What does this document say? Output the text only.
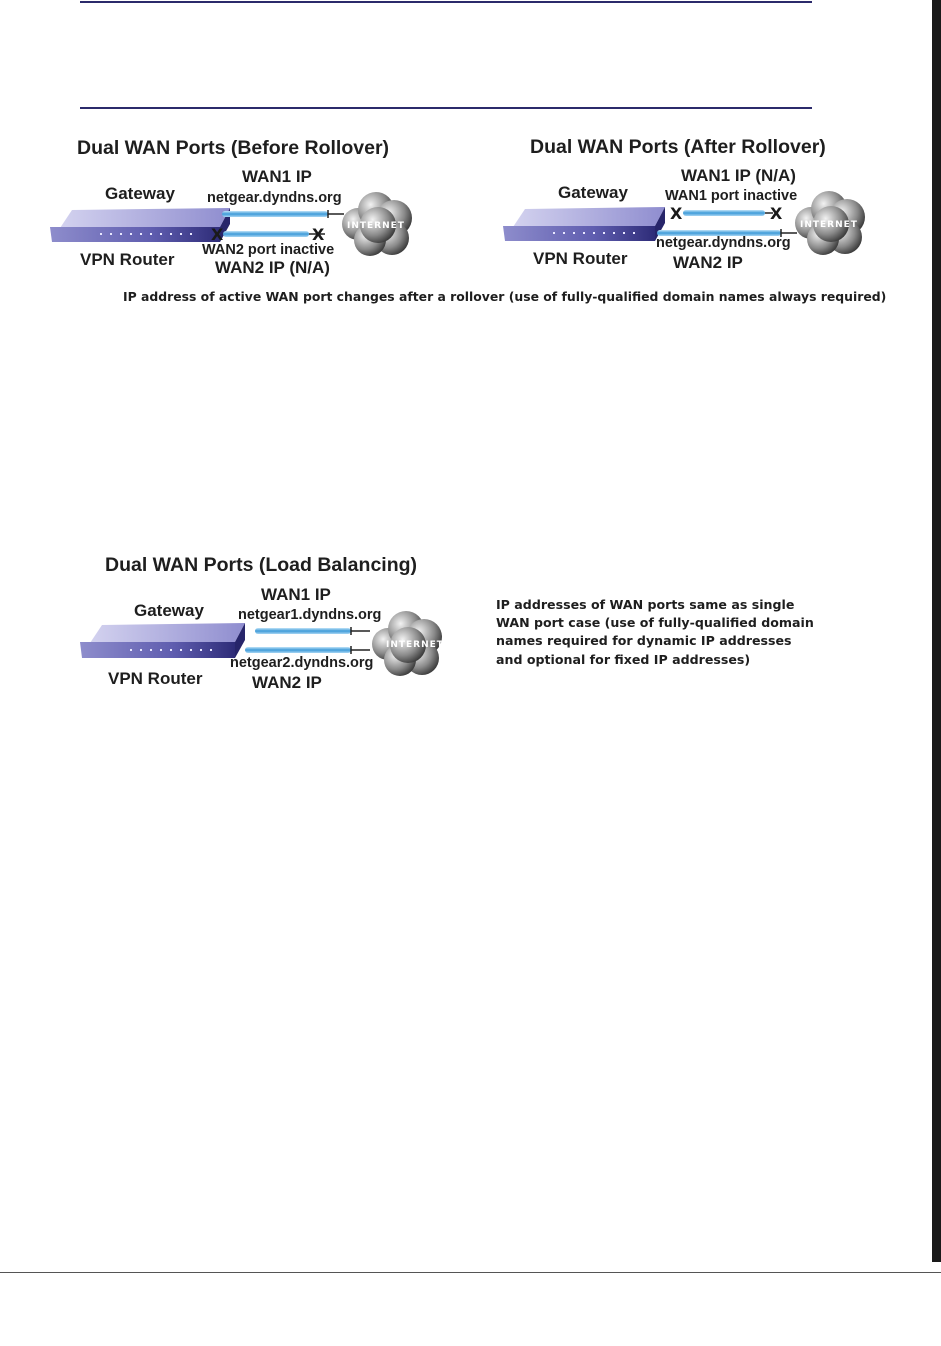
Dual WAN Ports (Before Rollover)
Gateway
WAN1 IP
netgear.dyndns.org
X	X	INTERNET
WAN2 port inactive
VPN Router WAN2 IP (N/A)
Dual WAN Ports (After Rollover)
Gateway
WAN1 IP (N/A)
WAN1 port inactive
X	X
INTERNET
netgear.dyndns.org
VPN Router	WAN2 IP
IP address of active WAN port changes after a rollover (use of fully-qualified domain names always required)
Dual WAN Ports (Load Balancing)
Gateway
WAN1 IP
netgear1.dyndns.org
INTERNET
netgear2.dyndns.org
VPN Router	WAN2 IP
IP addresses of WAN ports same as single
WAN port case (use of fully-qualified domain
names required for dynamic IP addresses
and optional for fixed IP addresses)
